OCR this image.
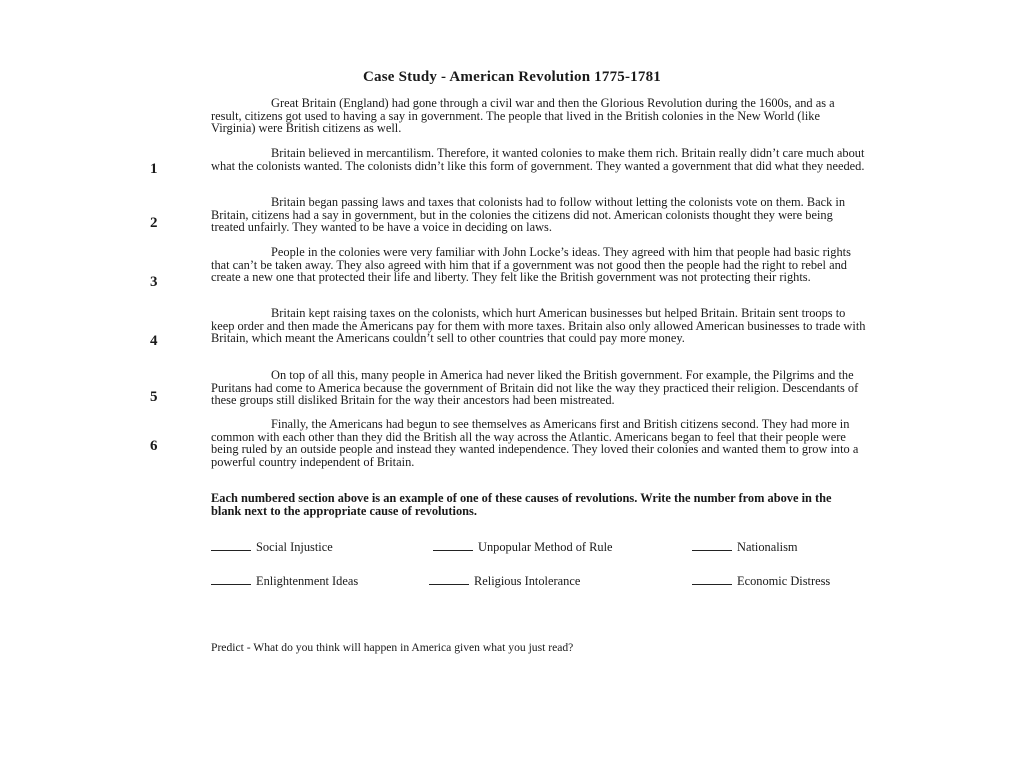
Case Study - American Revolution 1775-1781

Great Britain (England) had gone through a civil war and then the Glorious Revolution during the 1600s, and as a result, citizens got used to having a say in government. The people that lived in the British colonies in the New World (like Virginia) were British citizens as well.

1

Britain believed in mercantilism. Therefore, it wanted colonies to make them rich. Britain really didn’t care much about what the colonists wanted. The colonists didn’t like this form of government. They wanted a government that did what they needed.

2

Britain began passing laws and taxes that colonists had to follow without letting the colonists vote on them. Back in Britain, citizens had a say in government, but in the colonies the citizens did not. American colonists thought they were being treated unfairly. They wanted to be have a voice in deciding on laws.

3

People in the colonies were very familiar with John Locke’s ideas. They agreed with him that people had basic rights that can’t be taken away. They also agreed with him that if a government was not good then the people had the right to rebel and create a new one that protected their life and liberty. They felt like the British government was not protecting their rights.

4

Britain kept raising taxes on the colonists, which hurt American businesses but helped Britain. Britain sent troops to keep order and then made the Americans pay for them with more taxes. Britain also only allowed American businesses to trade with Britain, which meant the Americans couldn’t sell to other countries that could pay more money.

5

On top of all this, many people in America had never liked the British government. For example, the Pilgrims and the Puritans had come to America because the government of Britain did not like the way they practiced their religion. Descendants of these groups still disliked Britain for the way their ancestors had been mistreated.

6

Finally, the Americans had begun to see themselves as Americans first and British citizens second. They had more in common with each other than they did the British all the way across the Atlantic. Americans began to feel that their people were being ruled by an outside people and instead they wanted independence. They loved their colonies and wanted them to grow into a powerful country independent of Britain.

Each numbered section above is an example of one of these causes of revolutions. Write the number from above in the blank next to the appropriate cause of revolutions.
Social Injustice	Unpopular Method of Rule	Nationalism
Enlightenment Ideas	Religious Intolerance	Economic Distress
Predict - What do you think will happen in America given what you just read?
